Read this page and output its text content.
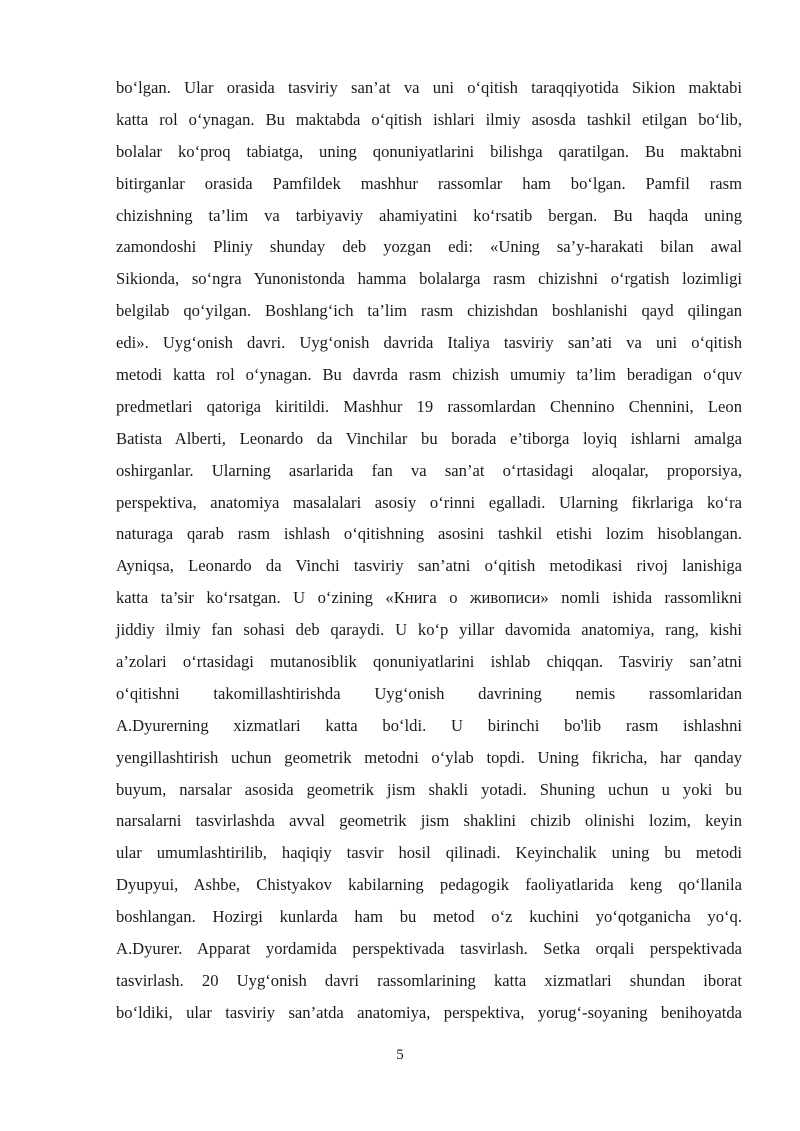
bo‘lgan. Ular orasida tasviriy san’at va uni o‘qitish taraqqiyotida Sikion maktabi
katta rol o‘ynagan. Bu maktabda o‘qitish ishlari ilmiy asosda tashkil etilgan bo‘lib,
bolalar ko‘proq tabiatga, uning qonuniyatlarini bilishga qaratilgan. Bu maktabni
bitirganlar orasida Pamfildek mashhur rassomlar ham bo‘lgan. Pamfil rasm
chizishning ta’lim va tarbiyaviy ahamiyatini ko‘rsatib bergan. Bu haqda uning
zamondoshi Pliniy shunday deb yozgan edi: «Uning sa’y-harakati bilan awal
Sikionda, so‘ngra Yunonistonda hamma bolalarga rasm chizishni o‘rgatish lozimligi
belgilab qo‘yilgan. Boshlang‘ich ta’lim rasm chizishdan boshlanishi qayd qilingan
edi». Uyg‘onish davri. Uyg‘onish davrida Italiya tasviriy san’ati va uni o‘qitish
metodi katta rol o‘ynagan. Bu davrda rasm chizish umumiy ta’lim beradigan o‘quv
predmetlari qatoriga kiritildi. Mashhur 19 rassomlardan Chennino Chennini, Leon
Batista Alberti, Leonardo da Vinchilar bu borada e’tiborga loyiq ishlarni amalga
oshirganlar. Ularning asarlarida fan va san’at o‘rtasidagi aloqalar, proporsiya,
perspektiva, anatomiya masalalari asosiy o‘rinni egalladi. Ularning fikrlariga ko‘ra
naturaga qarab rasm ishlash o‘qitishning asosini tashkil etishi lozim hisoblangan.
Ayniqsa, Leonardo da Vinchi tasviriy san’atni o‘qitish metodikasi rivoj lanishiga
katta ta’sir ko‘rsatgan. U o‘zining «Книга о живописи» nomli ishida rassomlikni
jiddiy ilmiy fan sohasi deb qaraydi. U ko‘p yillar davomida anatomiya, rang, kishi
a’zolari o‘rtasidagi mutanosiblik qonuniyatlarini ishlab chiqqan. Tasviriy san’atni
o‘qitishni takomillashtirishda Uyg‘onish davrining nemis rassomlaridan
A.Dyurerning xizmatlari katta bo‘ldi. U birinchi bo'lib rasm ishlashni
yengillashtirish uchun geometrik metodni o‘ylab topdi. Uning fikricha, har qanday
buyum, narsalar asosida geometrik jism shakli yotadi. Shuning uchun u yoki bu
narsalarni tasvirlashda avval geometrik jism shaklini chizib olinishi lozim, keyin
ular umumlashtirilib, haqiqiy tasvir hosil qilinadi. Keyinchalik uning bu metodi
Dyupyui, Ashbe, Chistyakov kabilarning pedagogik faoliyatlarida keng qo‘llanila
boshlangan. Hozirgi kunlarda ham bu metod o‘z kuchini yo‘qotganicha yo‘q.
A.Dyurer. Apparat yordamida perspektivada tasvirlash. Setka orqali perspektivada
tasvirlash. 20 Uyg‘onish davri rassomlarining katta xizmatlari shundan iborat
bo‘ldiki, ular tasviriy san’atda anatomiya, perspektiva, yorug‘-soyaning benihoyatda
5
